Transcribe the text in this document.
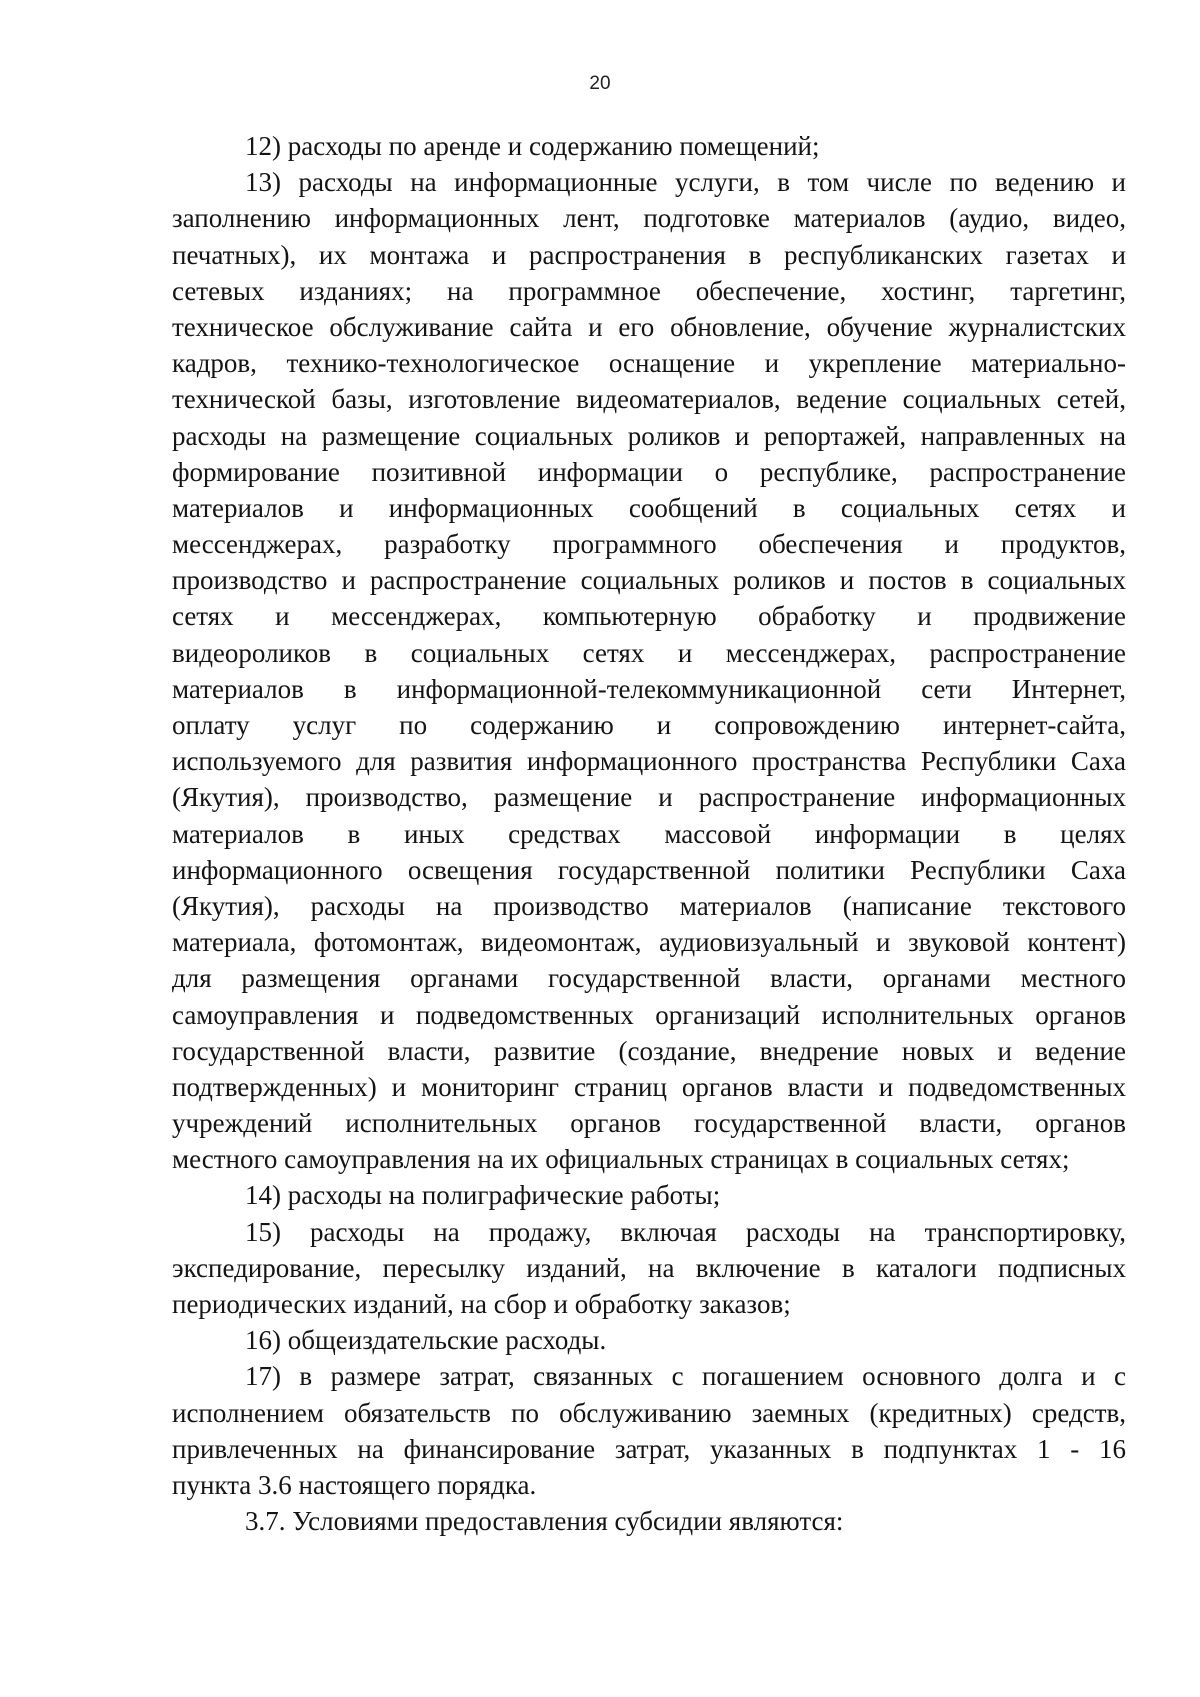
20
12) расходы по аренде и содержанию помещений;
13) расходы на информационные услуги, в том числе по ведению и
заполнению информационных лент, подготовке материалов (аудио, видео,
печатных), их монтажа и распространения в республиканских газетах и
сетевых изданиях; на программное обеспечение, хостинг, таргетинг,
техническое обслуживание сайта и его обновление, обучение журналистских
кадров, технико-технологическое оснащение и укрепление материально-
технической базы, изготовление видеоматериалов, ведение социальных сетей,
расходы на размещение социальных роликов и репортажей, направленных на
формирование позитивной информации о республике, распространение
материалов и информационных сообщений в социальных сетях и
мессенджерах, разработку программного обеспечения и продуктов,
производство и распространение социальных роликов и постов в социальных
сетях и мессенджерах, компьютерную обработку и продвижение
видеороликов в социальных сетях и мессенджерах, распространение
материалов в информационной-телекоммуникационной сети Интернет,
оплату услуг по содержанию и сопровождению интернет-сайта,
используемого для развития информационного пространства Республики Саха
(Якутия), производство, размещение и распространение информационных
материалов в иных средствах массовой информации в целях
информационного освещения государственной политики Республики Саха
(Якутия), расходы на производство материалов (написание текстового
материала, фотомонтаж, видеомонтаж, аудиовизуальный и звуковой контент)
для размещения органами государственной власти, органами местного
самоуправления и подведомственных организаций исполнительных органов
государственной власти, развитие (создание, внедрение новых и ведение
подтвержденных) и мониторинг страниц органов власти и подведомственных
учреждений исполнительных органов государственной власти, органов
местного самоуправления на их официальных страницах в социальных сетях;
14) расходы на полиграфические работы;
15) расходы на продажу, включая расходы на транспортировку,
экспедирование, пересылку изданий, на включение в каталоги подписных
периодических изданий, на сбор и обработку заказов;
16) общеиздательские расходы.
17) в размере затрат, связанных с погашением основного долга и с
исполнением обязательств по обслуживанию заемных (кредитных) средств,
привлеченных на финансирование затрат, указанных в подпунктах 1 - 16
пункта 3.6 настоящего порядка.
3.7. Условиями предоставления субсидии являются:
